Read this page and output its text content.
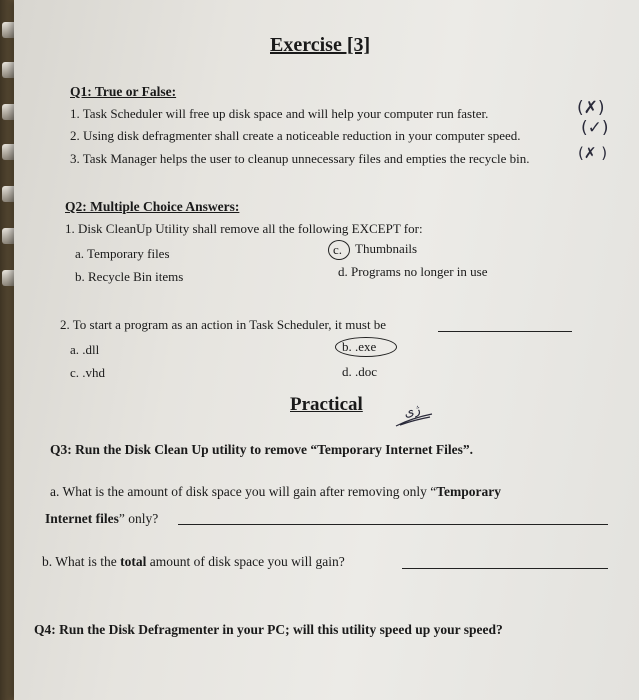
Exercise [3]
Q1: True or False:
1. Task Scheduler will free up disk space and will help your computer run faster.	(✗)
2. Using disk defragmenter shall create a noticeable reduction in your computer speed.	(✓)
3. Task Manager helps the user to cleanup unnecessary files and empties the recycle bin.	(✗ )
Q2: Multiple Choice Answers:
1. Disk CleanUp Utility shall remove all the following EXCEPT for:
a. Temporary files
b. Recycle Bin items
c. Thumbnails
d. Programs no longer in use
2. To start a program as an action in Task Scheduler, it must be
a. .dll
c. .vhd
b. .exe
d. .doc
Practical	ژی
Q3: Run the Disk Clean Up utility to remove “Temporary Internet Files”.
a. What is the amount of disk space you will gain after removing only “Temporary
Internet files” only?
b. What is the total amount of disk space you will gain?
Q4: Run the Disk Defragmenter in your PC; will this utility speed up your speed?
